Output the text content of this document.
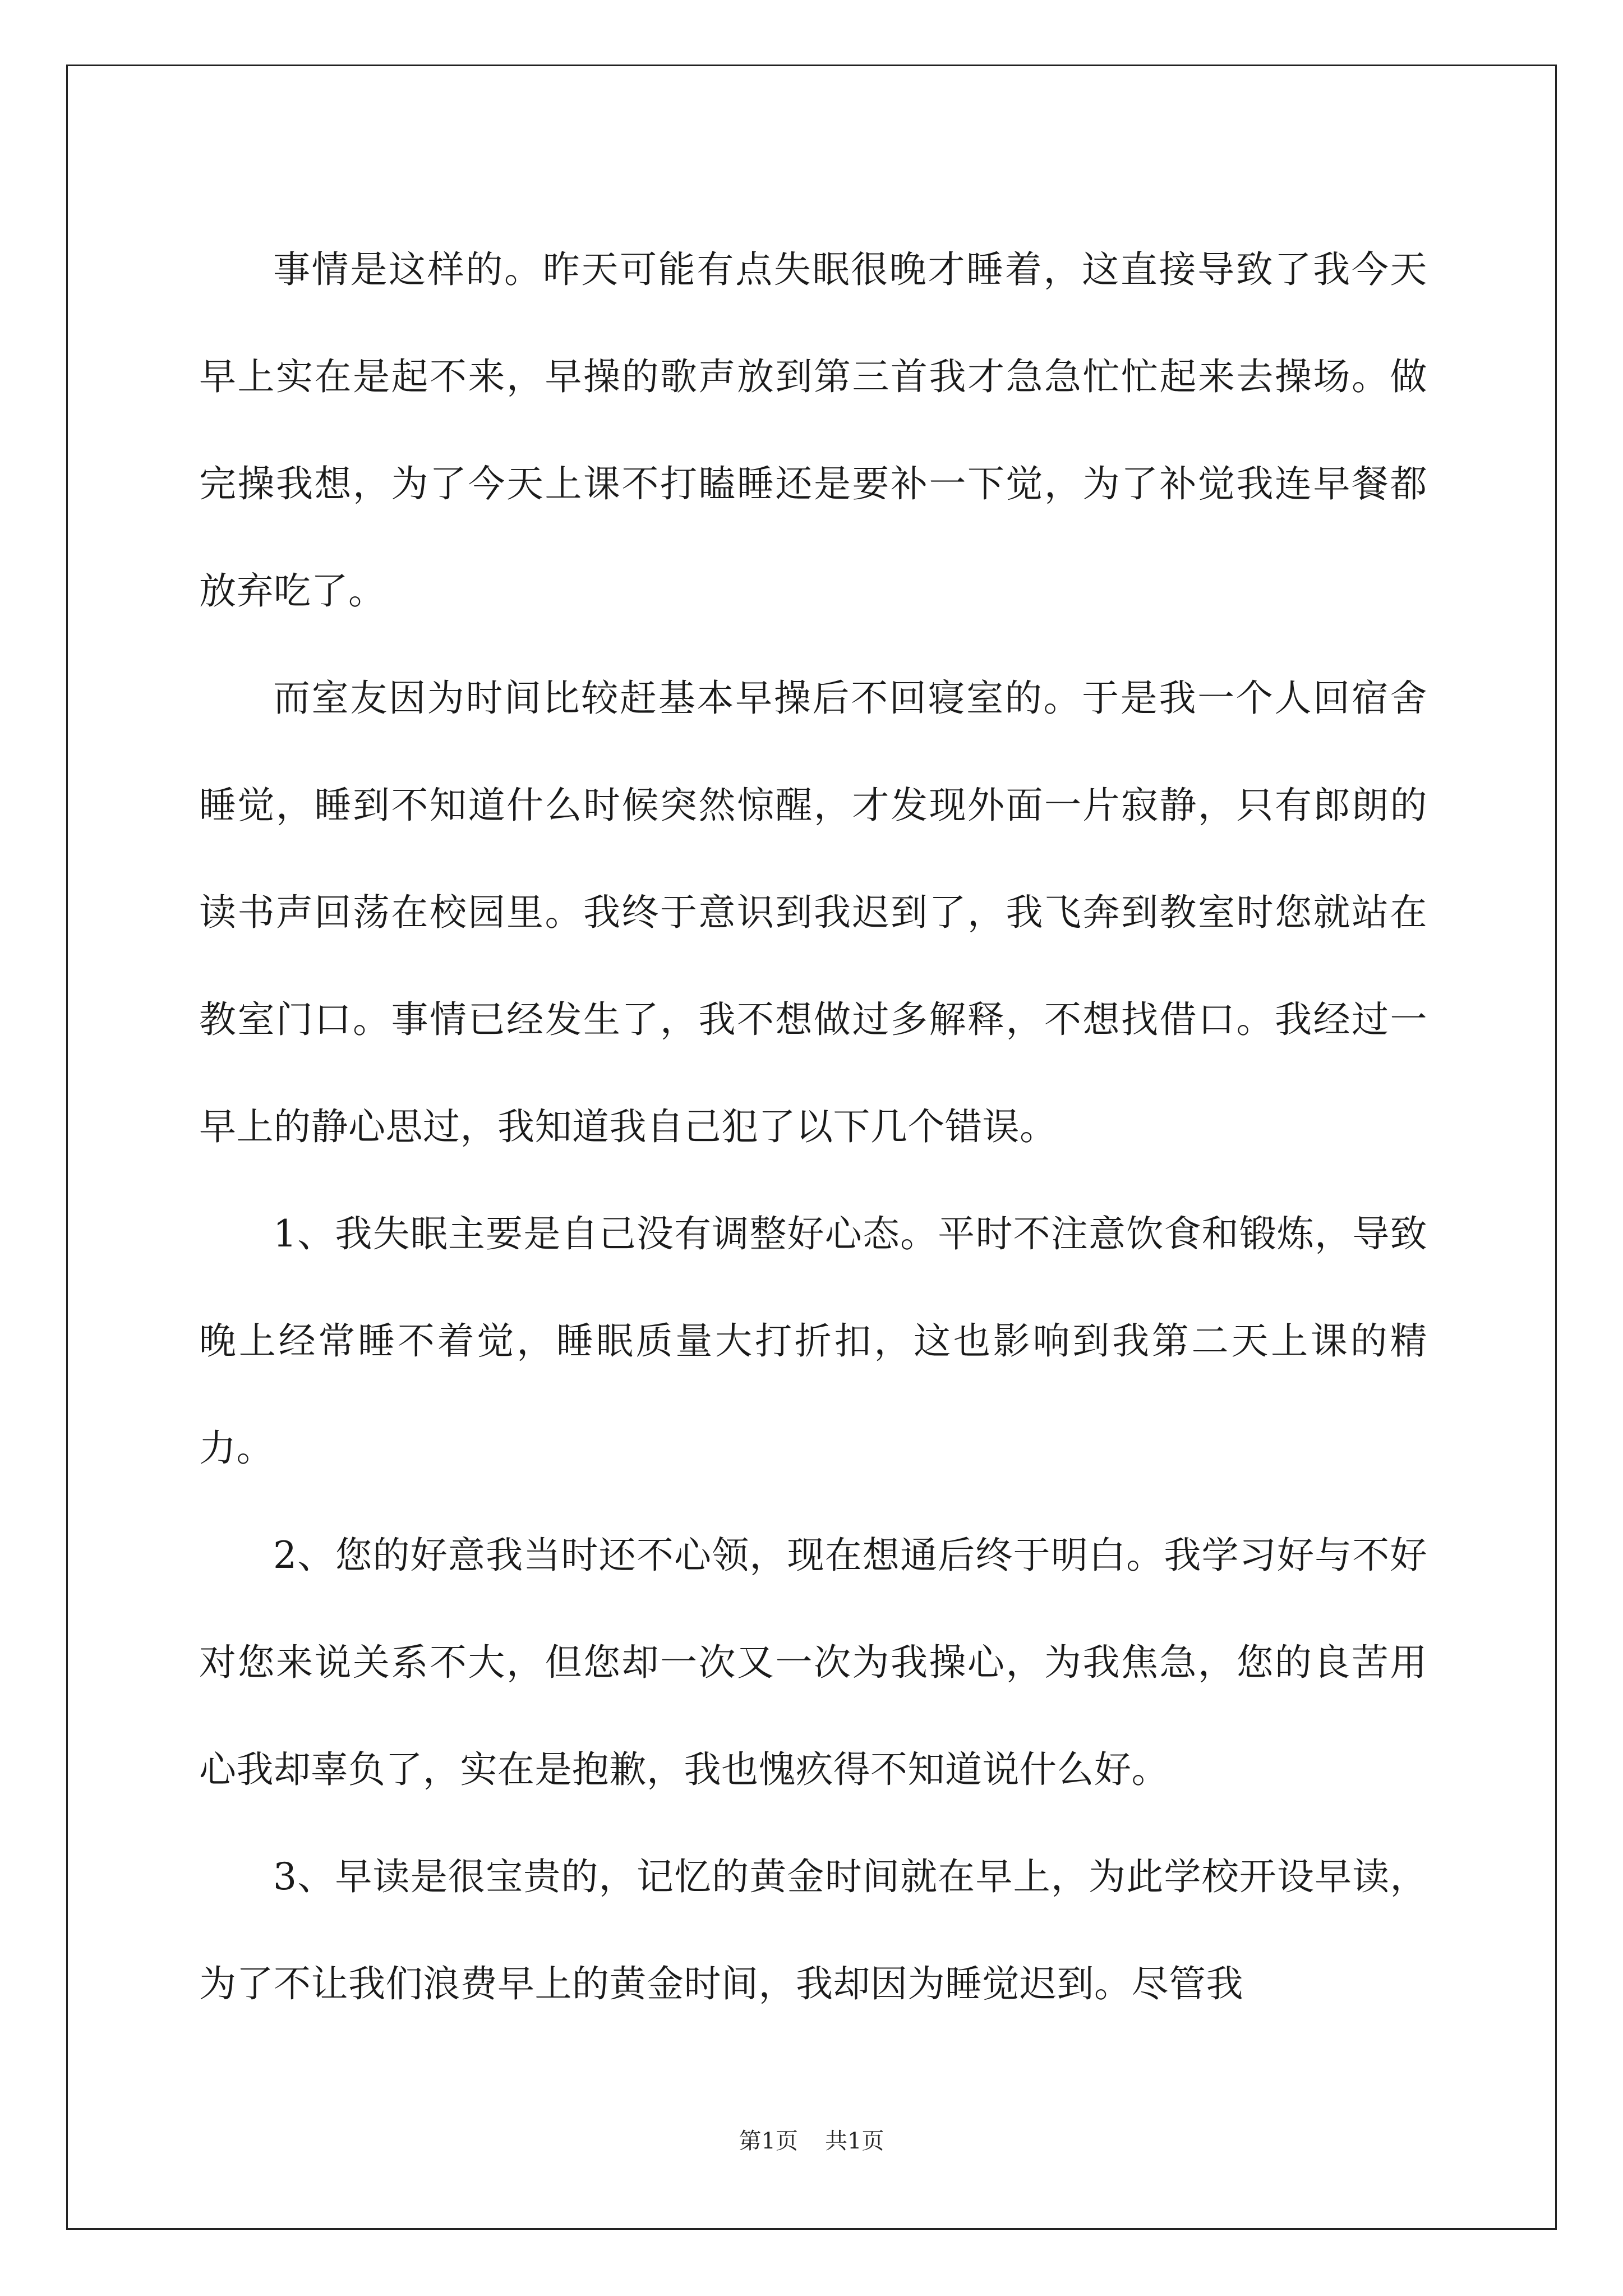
事情是这样的。昨天可能有点失眠很晚才睡着，这直接导致了我今天早上实在是起不来，早操的歌声放到第三首我才急急忙忙起来去操场。做完操我想，为了今天上课不打瞌睡还是要补一下觉，为了补觉我连早餐都放弃吃了。

而室友因为时间比较赶基本早操后不回寝室的。于是我一个人回宿舍睡觉，睡到不知道什么时候突然惊醒，才发现外面一片寂静，只有郎朗的读书声回荡在校园里。我终于意识到我迟到了，我飞奔到教室时您就站在教室门口。事情已经发生了，我不想做过多解释，不想找借口。我经过一早上的静心思过，我知道我自己犯了以下几个错误。

1、我失眠主要是自己没有调整好心态。平时不注意饮食和锻炼，导致晚上经常睡不着觉，睡眠质量大打折扣，这也影响到我第二天上课的精力。

2、您的好意我当时还不心领，现在想通后终于明白。我学习好与不好对您来说关系不大，但您却一次又一次为我操心，为我焦急，您的良苦用心我却辜负了，实在是抱歉，我也愧疚得不知道说什么好。

3、早读是很宝贵的，记忆的黄金时间就在早上，为此学校开设早读，为了不让我们浪费早上的黄金时间，我却因为睡觉迟到。尽管我

第1页 共1页
